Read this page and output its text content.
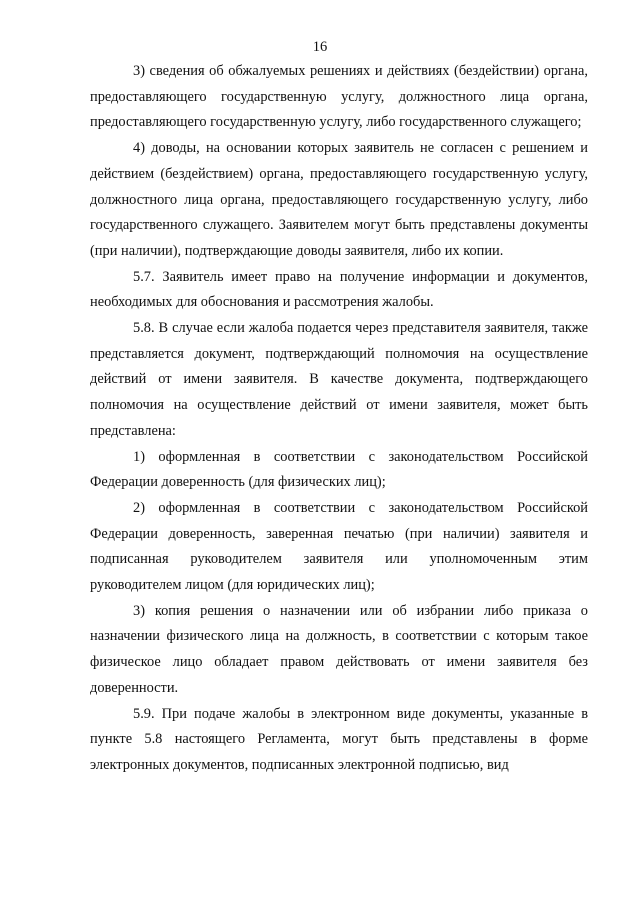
16

3) сведения об обжалуемых решениях и действиях (бездействии) органа, предоставляющего государственную услугу, должностного лица органа, предоставляющего государственную услугу, либо государственного служащего;

4) доводы, на основании которых заявитель не согласен с решением и действием (бездействием) органа, предоставляющего государственную услугу, должностного лица органа, предоставляющего государственную услугу, либо государственного служащего. Заявителем могут быть представлены документы (при наличии), подтверждающие доводы заявителя, либо их копии.

5.7. Заявитель имеет право на получение информации и документов, необходимых для обоснования и рассмотрения жалобы.

5.8. В случае если жалоба подается через представителя заявителя, также представляется документ, подтверждающий полномочия на осуществление действий от имени заявителя. В качестве документа, подтверждающего полномочия на осуществление действий от имени заявителя, может быть представлена:

1) оформленная в соответствии с законодательством Российской Федерации доверенность (для физических лиц);

2) оформленная в соответствии с законодательством Российской Федерации доверенность, заверенная печатью (при наличии) заявителя и подписанная руководителем заявителя или уполномоченным этим руководителем лицом (для юридических лиц);

3) копия решения о назначении или об избрании либо приказа о назначении физического лица на должность, в соответствии с которым такое физическое лицо обладает правом действовать от имени заявителя без доверенности.

5.9. При подаче жалобы в электронном виде документы, указанные в пункте 5.8 настоящего Регламента, могут быть представлены в форме электронных документов, подписанных электронной подписью, вид
